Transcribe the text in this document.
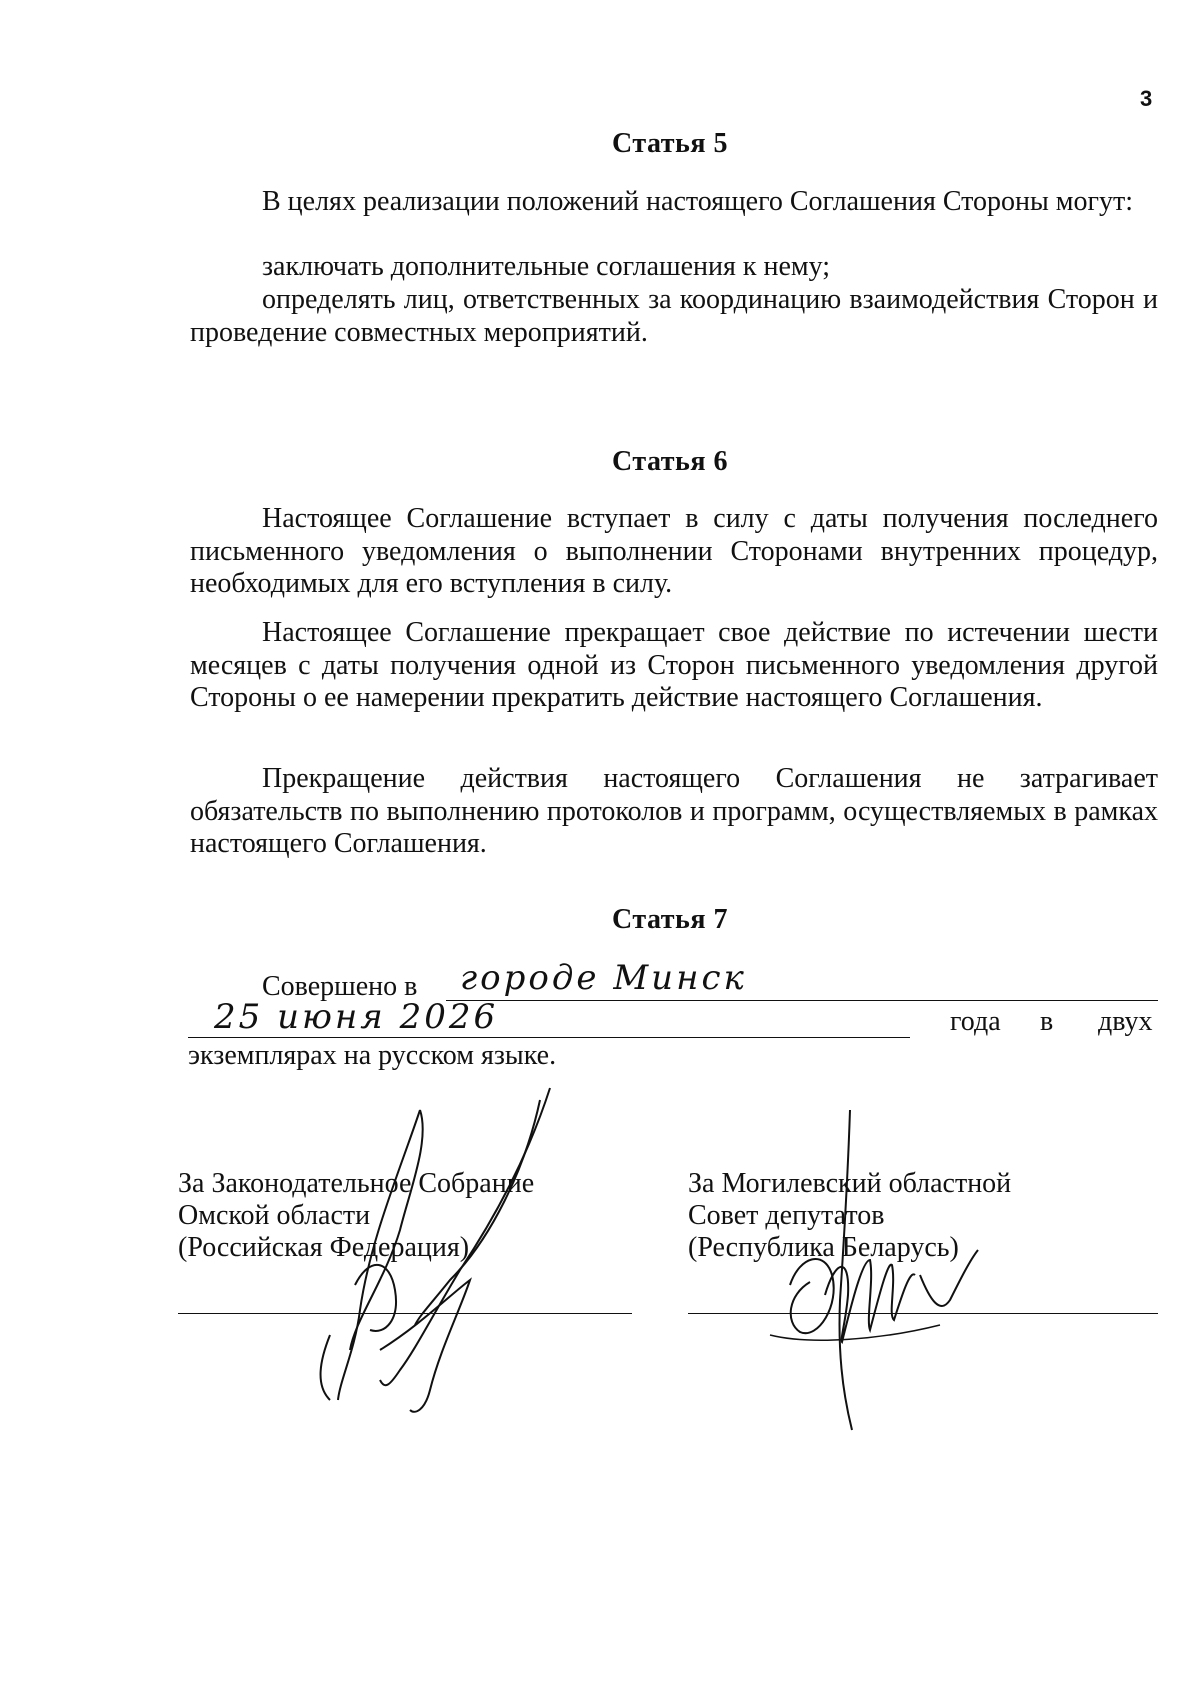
3
Статья 5
В целях реализации положений настоящего Соглашения Стороны могут:
заключать дополнительные соглашения к нему;
определять лиц, ответственных за координацию взаимодействия Сторон и проведение совместных мероприятий.
Статья 6
Настоящее Соглашение вступает в силу с даты получения последнего письменного уведомления о выполнении Сторонами внутренних процедур, необходимых для его вступления в силу.
Настоящее Соглашение прекращает свое действие по истечении шести месяцев с даты получения одной из Сторон письменного уведомления другой Стороны о ее намерении прекратить действие настоящего Соглашения.
Прекращение действия настоящего Соглашения не затрагивает обязательств по выполнению протоколов и программ, осуществляемых в рамках настоящего Соглашения.
Статья 7
Совершено в городе Минск
25 июня 2026	года в двух
экземплярах на русском языке.
За Законодательное Собрание
Омской области
(Российская Федерация)
За Могилевский областной
Совет депутатов
(Республика Беларусь)
